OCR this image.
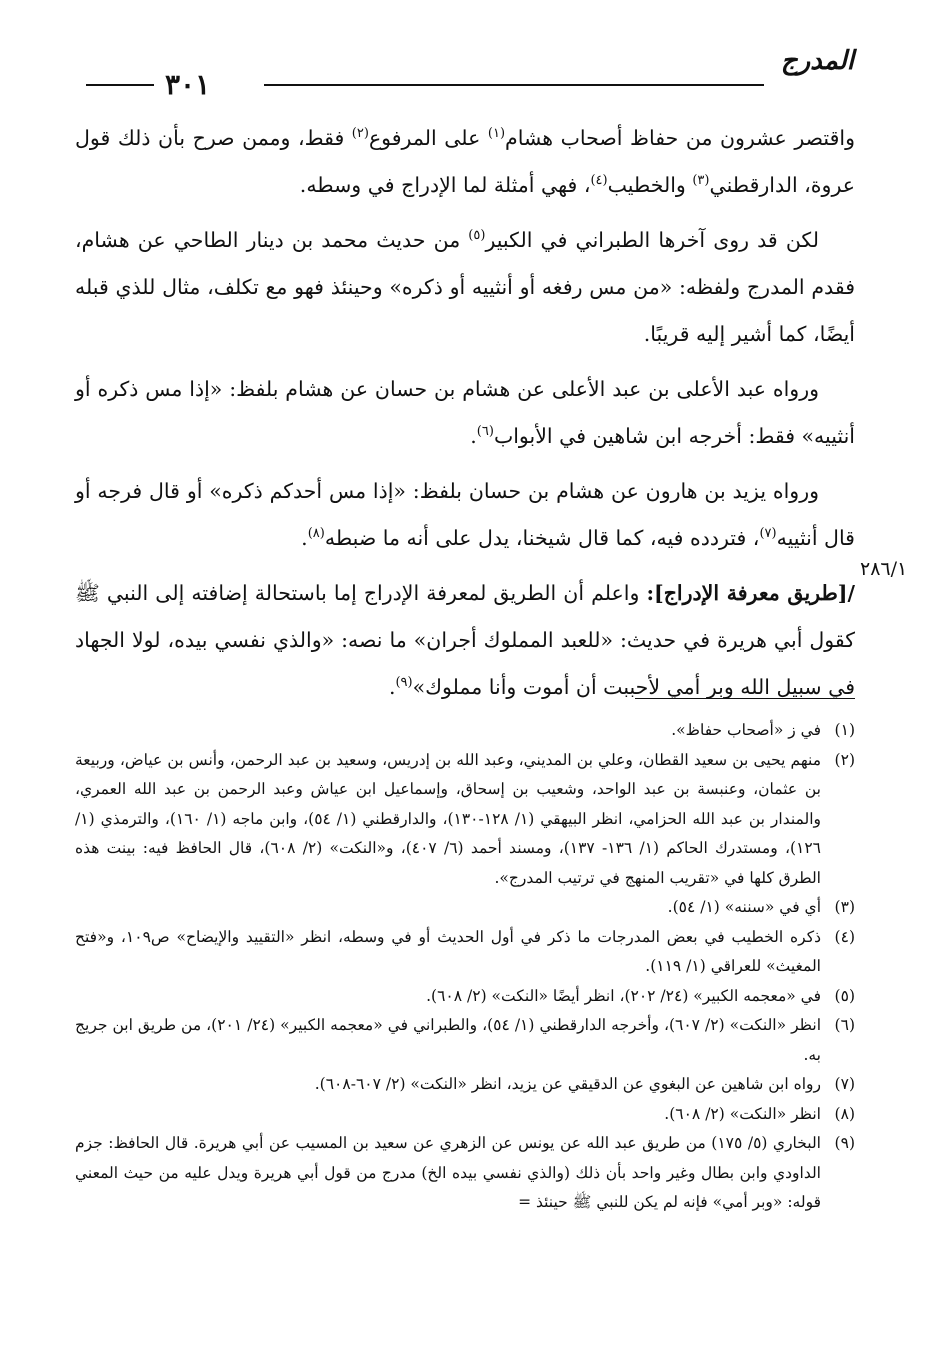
المدرج
٣٠١
٢٨٦/١

واقتصر عشرون من حفاظ أصحاب هشام$^{(١)}$ على المرفوع$^{(٢)}$ فقط، وممن صرح بأن ذلك قول عروة، الدارقطني$^{(٣)}$ والخطيب$^{(٤)}$، فهي أمثلة لما الإدراج في وسطه.

لكن قد روى آخرها الطبراني في الكبير$^{(٥)}$ من حديث محمد بن دينار الطاحي عن هشام، فقدم المدرج ولفظه: «من مس رفغه أو أنثييه أو ذكره» وحينئذ فهو مع تكلف، مثال للذي قبله أيضًا، كما أشير إليه قريبًا.

ورواه عبد الأعلى بن عبد الأعلى عن هشام بن حسان عن هشام بلفظ: «إذا مس ذكره أو أنثييه» فقط: أخرجه ابن شاهين في الأبواب$^{(٦)}$.

ورواه يزيد بن هارون عن هشام بن حسان بلفظ: «إذا مس أحدكم ذكره» أو قال فرجه أو قال أنثييه$^{(٧)}$، فتردده فيه، كما قال شيخنا، يدل على أنه ما ضبطه$^{(٨)}$.

/[طريق معرفة الإدراج]: واعلم أن الطريق لمعرفة الإدراج إما باستحالة إضافته إلى النبي ﷺ كقول أبي هريرة في حديث: «للعبد المملوك أجران» ما نصه: «والذي نفسي بيده، لولا الجهاد في سبيل الله وبر أمي لأحببت أن أموت وأنا مملوك»$^{(٩)}$.

(١)
في ز «أصحاب حفاظ».
(٢)
منهم يحيى بن سعيد القطان، وعلي بن المديني، وعبد الله بن إدريس، وسعيد بن عبد الرحمن، وأنس بن عياض، وربيعة بن عثمان، وعنبسة بن عبد الواحد، وشعيب بن إسحاق، وإسماعيل ابن عياش وعبد الرحمن بن عبد الله العمري، والمندار بن عبد الله الحزامي، انظر البيهقي (١/ ١٢٨-١٣٠)، والدارقطني (١/ ٥٤)، وابن ماجه (١/ ١٦٠)، والترمذي (١/ ١٢٦)، ومستدرك الحاكم (١/ ١٣٦- ١٣٧)، ومسند أحمد (٦/ ٤٠٧)، و«النكت» (٢/ ٦٠٨)، قال الحافظ فيه: بينت هذه الطرق كلها في «تقريب المنهج في ترتيب المدرج».
(٣)
أي في «سننه» (١/ ٥٤).
(٤)
ذكره الخطيب في بعض المدرجات ما ذكر في أول الحديث أو في وسطه، انظر «التقييد والإيضاح» ص١٠٩، و«فتح المغيث» للعراقي (١/ ١١٩).
(٥)
في «معجمه الكبير» (٢٤/ ٢٠٢)، انظر أيضًا «النكت» (٢/ ٦٠٨).
(٦)
انظر «النكت» (٢/ ٦٠٧)، وأخرجه الدارقطني (١/ ٥٤)، والطبراني في «معجمه الكبير» (٢٤/ ٢٠١)، من طريق ابن جريج به.
(٧)
رواه ابن شاهين عن البغوي عن الدقيقي عن يزيد، انظر «النكت» (٢/ ٦٠٧-٦٠٨).
(٨)
انظر «النكت» (٢/ ٦٠٨).
(٩)
البخاري (٥/ ١٧٥) من طريق عبد الله عن يونس عن الزهري عن سعيد بن المسيب عن أبي هريرة. قال الحافظ: جزم الداودي وابن بطال وغير واحد بأن ذلك (والذي نفسي بيده الخ) مدرج من قول أبي هريرة ويدل عليه من حيث المعني قوله: «وبر أمي» فإنه لم يكن للنبي ﷺ حينئذ =
